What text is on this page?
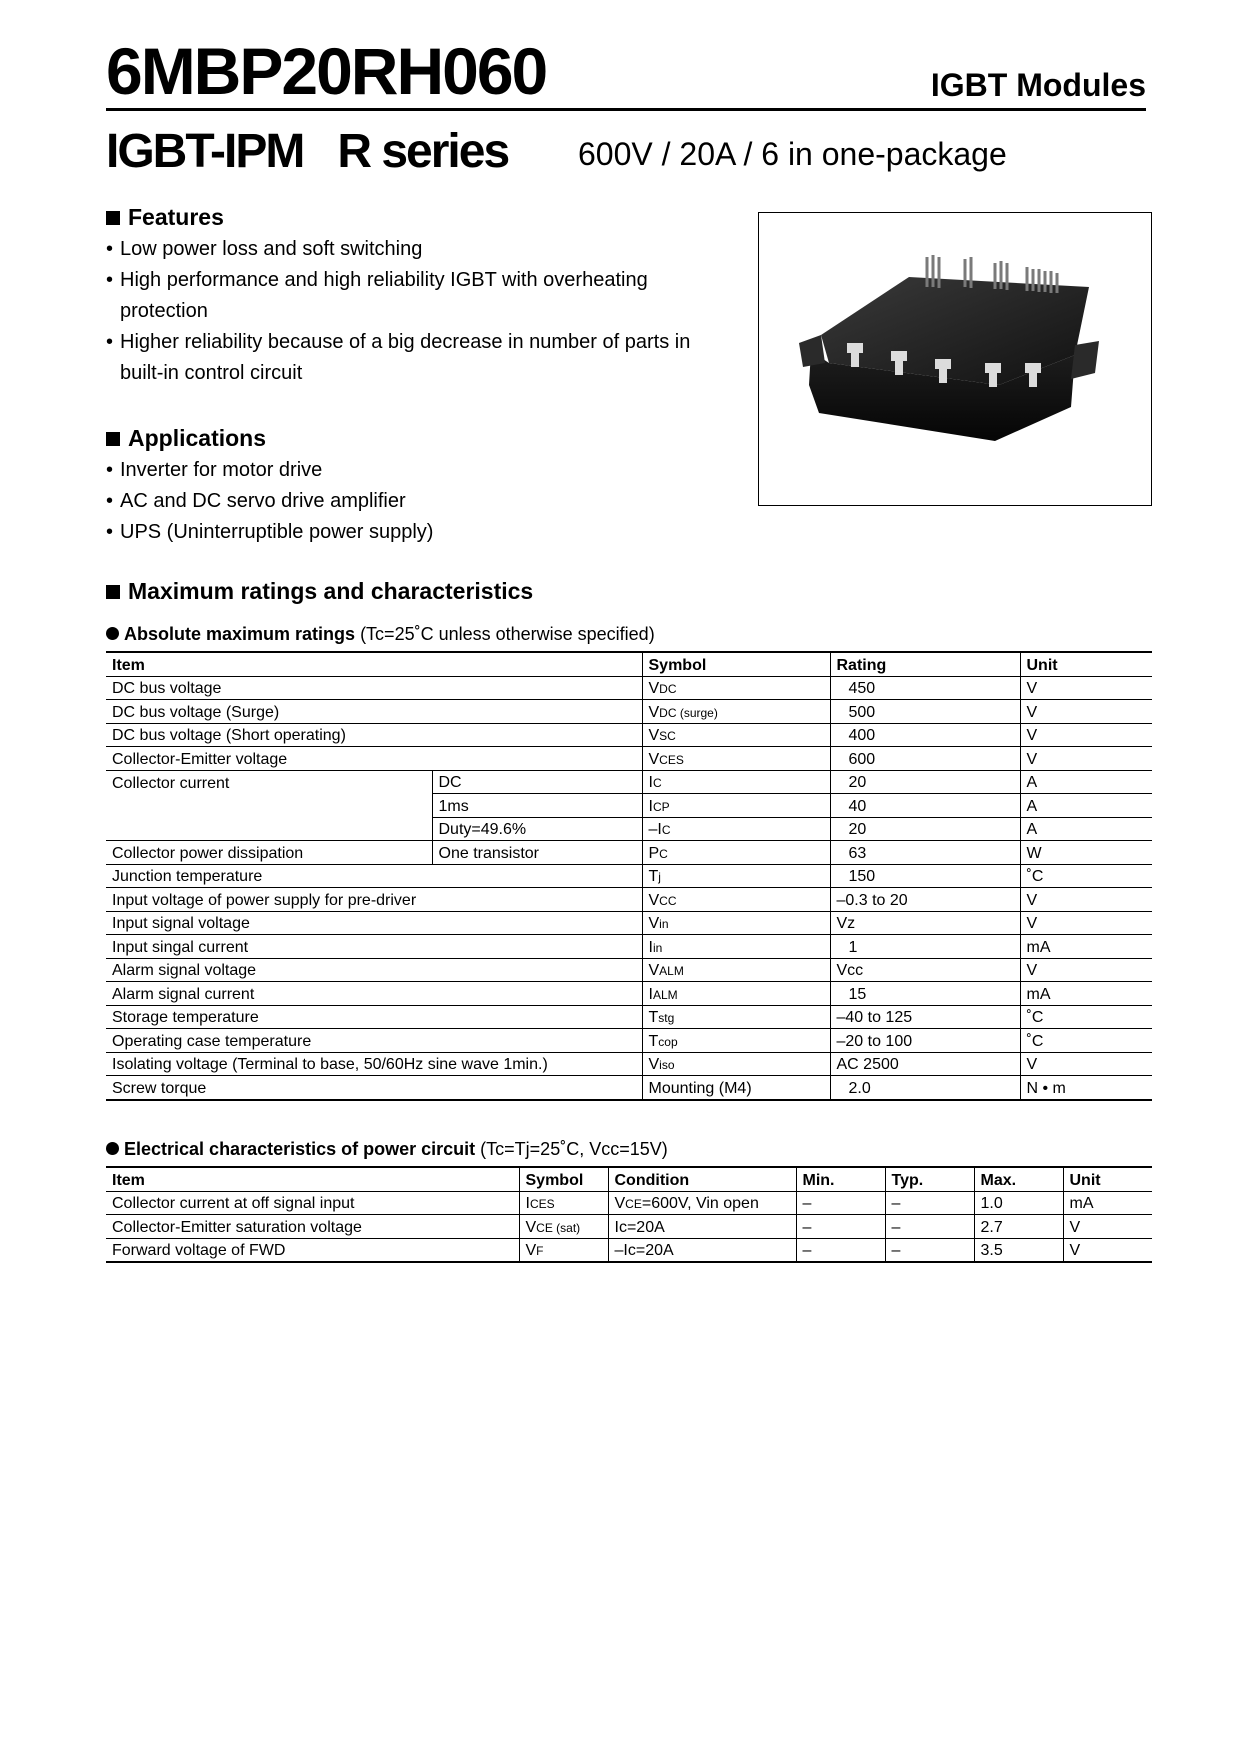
6MBP20RH060	IGBT Modules
IGBT-IPM   R series 600V / 20A / 6 in one-package
Features
• Low power loss and soft switching
• High performance and high reliability IGBT with overheating protection
• Higher reliability because of a big decrease in number of parts in built-in control circuit
Applications
• Inverter for motor drive
• AC and DC servo drive amplifier
• UPS (Uninterruptible power supply)
Maximum ratings and characteristics
Absolute maximum ratings (Tc=25˚C unless otherwise specified)
Item		Symbol	Rating	Unit
DC bus voltage		VDC	450	V
DC bus voltage (Surge)		VDC (surge)	500	V
DC bus voltage (Short operating)		VSC	400	V
Collector-Emitter voltage		VCES	600	V
Collector current	DC	IC	20	A
	1ms	ICP	40	A
	Duty=49.6%	–IC	20	A
Collector power dissipation	One transistor	PC	63	W
Junction temperature		Tj	150	˚C
Input voltage of power supply for pre-driver		VCC	–0.3 to 20	V
Input signal voltage		Vin	Vz	V
Input singal current		Iin	1	mA
Alarm signal voltage		VALM	Vcc	V
Alarm signal current		IALM	15	mA
Storage temperature		Tstg	–40 to 125	˚C
Operating case temperature		Tcop	–20 to 100	˚C
Isolating voltage (Terminal to base, 50/60Hz sine wave 1min.)		Viso	AC 2500	V
Screw torque		Mounting (M4)	2.0	N • m
Electrical characteristics of power circuit (Tc=Tj=25˚C, Vcc=15V)
Item	Symbol	Condition	Min.	Typ.	Max.	Unit
Collector current at off signal input	ICES	VCE=600V, Vin open	–	–	1.0	mA
Collector-Emitter saturation voltage	VCE (sat)	Ic=20A	–	–	2.7	V
Forward voltage of FWD	VF	–Ic=20A	–	–	3.5	V
